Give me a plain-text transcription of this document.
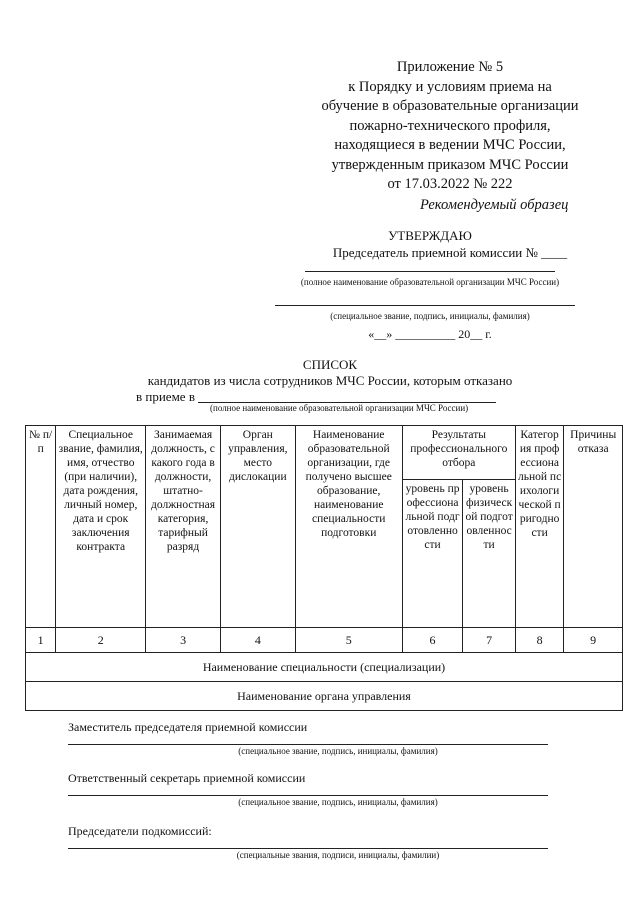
Приложение № 5
к Порядку и условиям приема на
обучение в образовательные организации
пожарно-технического профиля,
находящиеся в ведении МЧС России,
утвержденным приказом МЧС России
от 17.03.2022 № 222
Рекомендуемый образец
УТВЕРЖДАЮ
Председатель приемной комиссии № ____
(полное наименование образовательной организации МЧС России)
(специальное звание, подпись, инициалы, фамилия)
«__» __________ 20__ г.
СПИСОК
кандидатов из числа сотрудников МЧС России, которым отказано
в приеме в
(полное наименование образовательной организации МЧС России)
№ п/п	Специальное звание, фамилия, имя, отчество (при наличии), дата рождения, личный номер, дата и срок заключения контракта	Занимаемая должность, с какого года в должности, штатно-должностная категория, тарифный разряд	Орган управления, место дислокации	Наименование образовательной организации, где получено высшее образование, наименование специальности подготовки	Результаты профессионального отбора		Категория профессиональной психологической пригодности	Причины отказа
					уровень профессиональной подготовленности	уровень физической подготовленности		
1	2	3	4	5	6	7	8	9
Наименование специальности (специализации)								
Наименование органа управления								
Заместитель председателя приемной комиссии
(специальное звание, подпись, инициалы, фамилия)
Ответственный секретарь приемной комиссии
(специальное звание, подпись, инициалы, фамилия)
Председатели подкомиссий:
(специальные звания, подписи, инициалы, фамилии)
